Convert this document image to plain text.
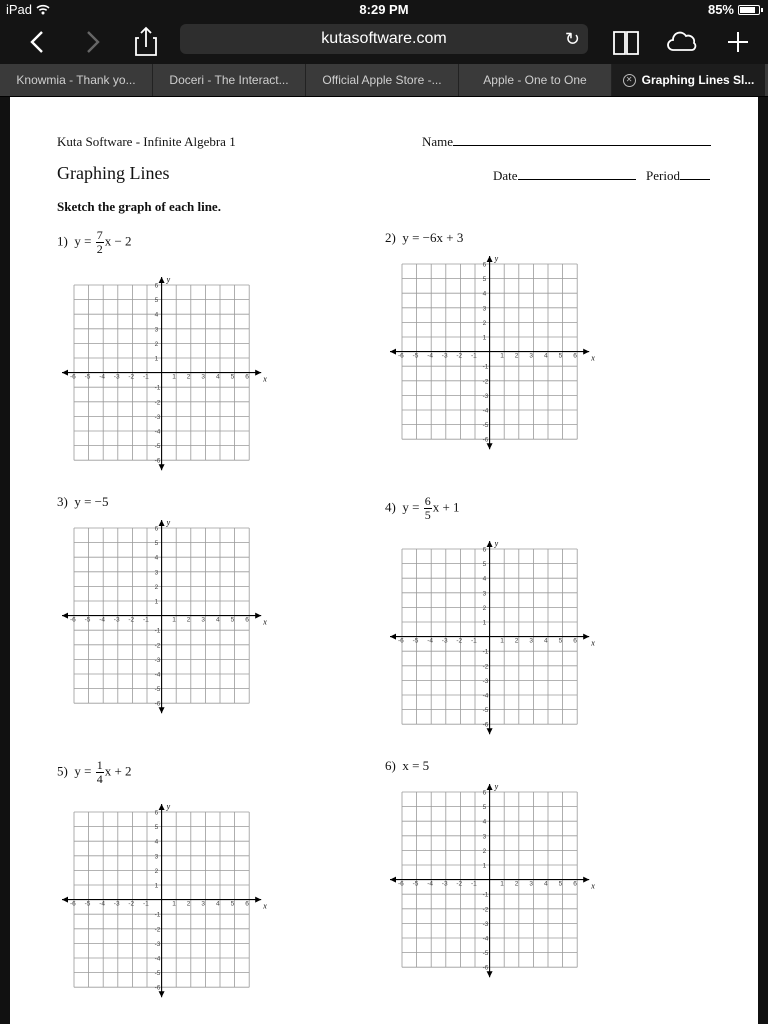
iPad	8:29 PM	85%
kutasoftware.com	↻
Knowmia - Thank yo...	Doceri - The Interact...	Official Apple Store -...	Apple - One to One	✕ Graphing Lines Sl...
Kuta Software - Infinite Algebra 1	Name
Graphing Lines	Date	Period
Sketch the graph of each line.
1) $y = \frac{7}{2}$ x − 2	2) y = −6x + 3
3) y = −5	4) $y = \frac{6}{5}$ x + 1
5) $y = \frac{1}{4}$ x + 2	6) x = 5
x
y
-6 -5 -4 -3 -2 -1	1 2 3 4 5 6
-6
-5
-4
-3
-2
-1
1
2
3
4
5
6
x
y
-6 -5 -4 -3 -2 -1	1 2 3 4 5 6
-6
-5
-4
-3
-2
-1
1
2
3
4
5
6
x
y
-6 -5 -4 -3 -2 -1	1 2 3 4 5 6
-6
-5
-4
-3
-2
-1
1
2
3
4
5
6
x
y
-6 -5 -4 -3 -2 -1	1 2 3 4 5 6
-6
-5
-4
-3
-2
-1
1
2
3
4
5
6
x
y
-6 -5 -4 -3 -2 -1	1 2 3 4 5 6
-6
-5
-4
-3
-2
-1
1
2
3
4
5
6
x
y
-6 -5 -4 -3 -2 -1	1 2 3 4 5 6
-6
-5
-4
-3
-2
-1
1
2
3
4
5
6
